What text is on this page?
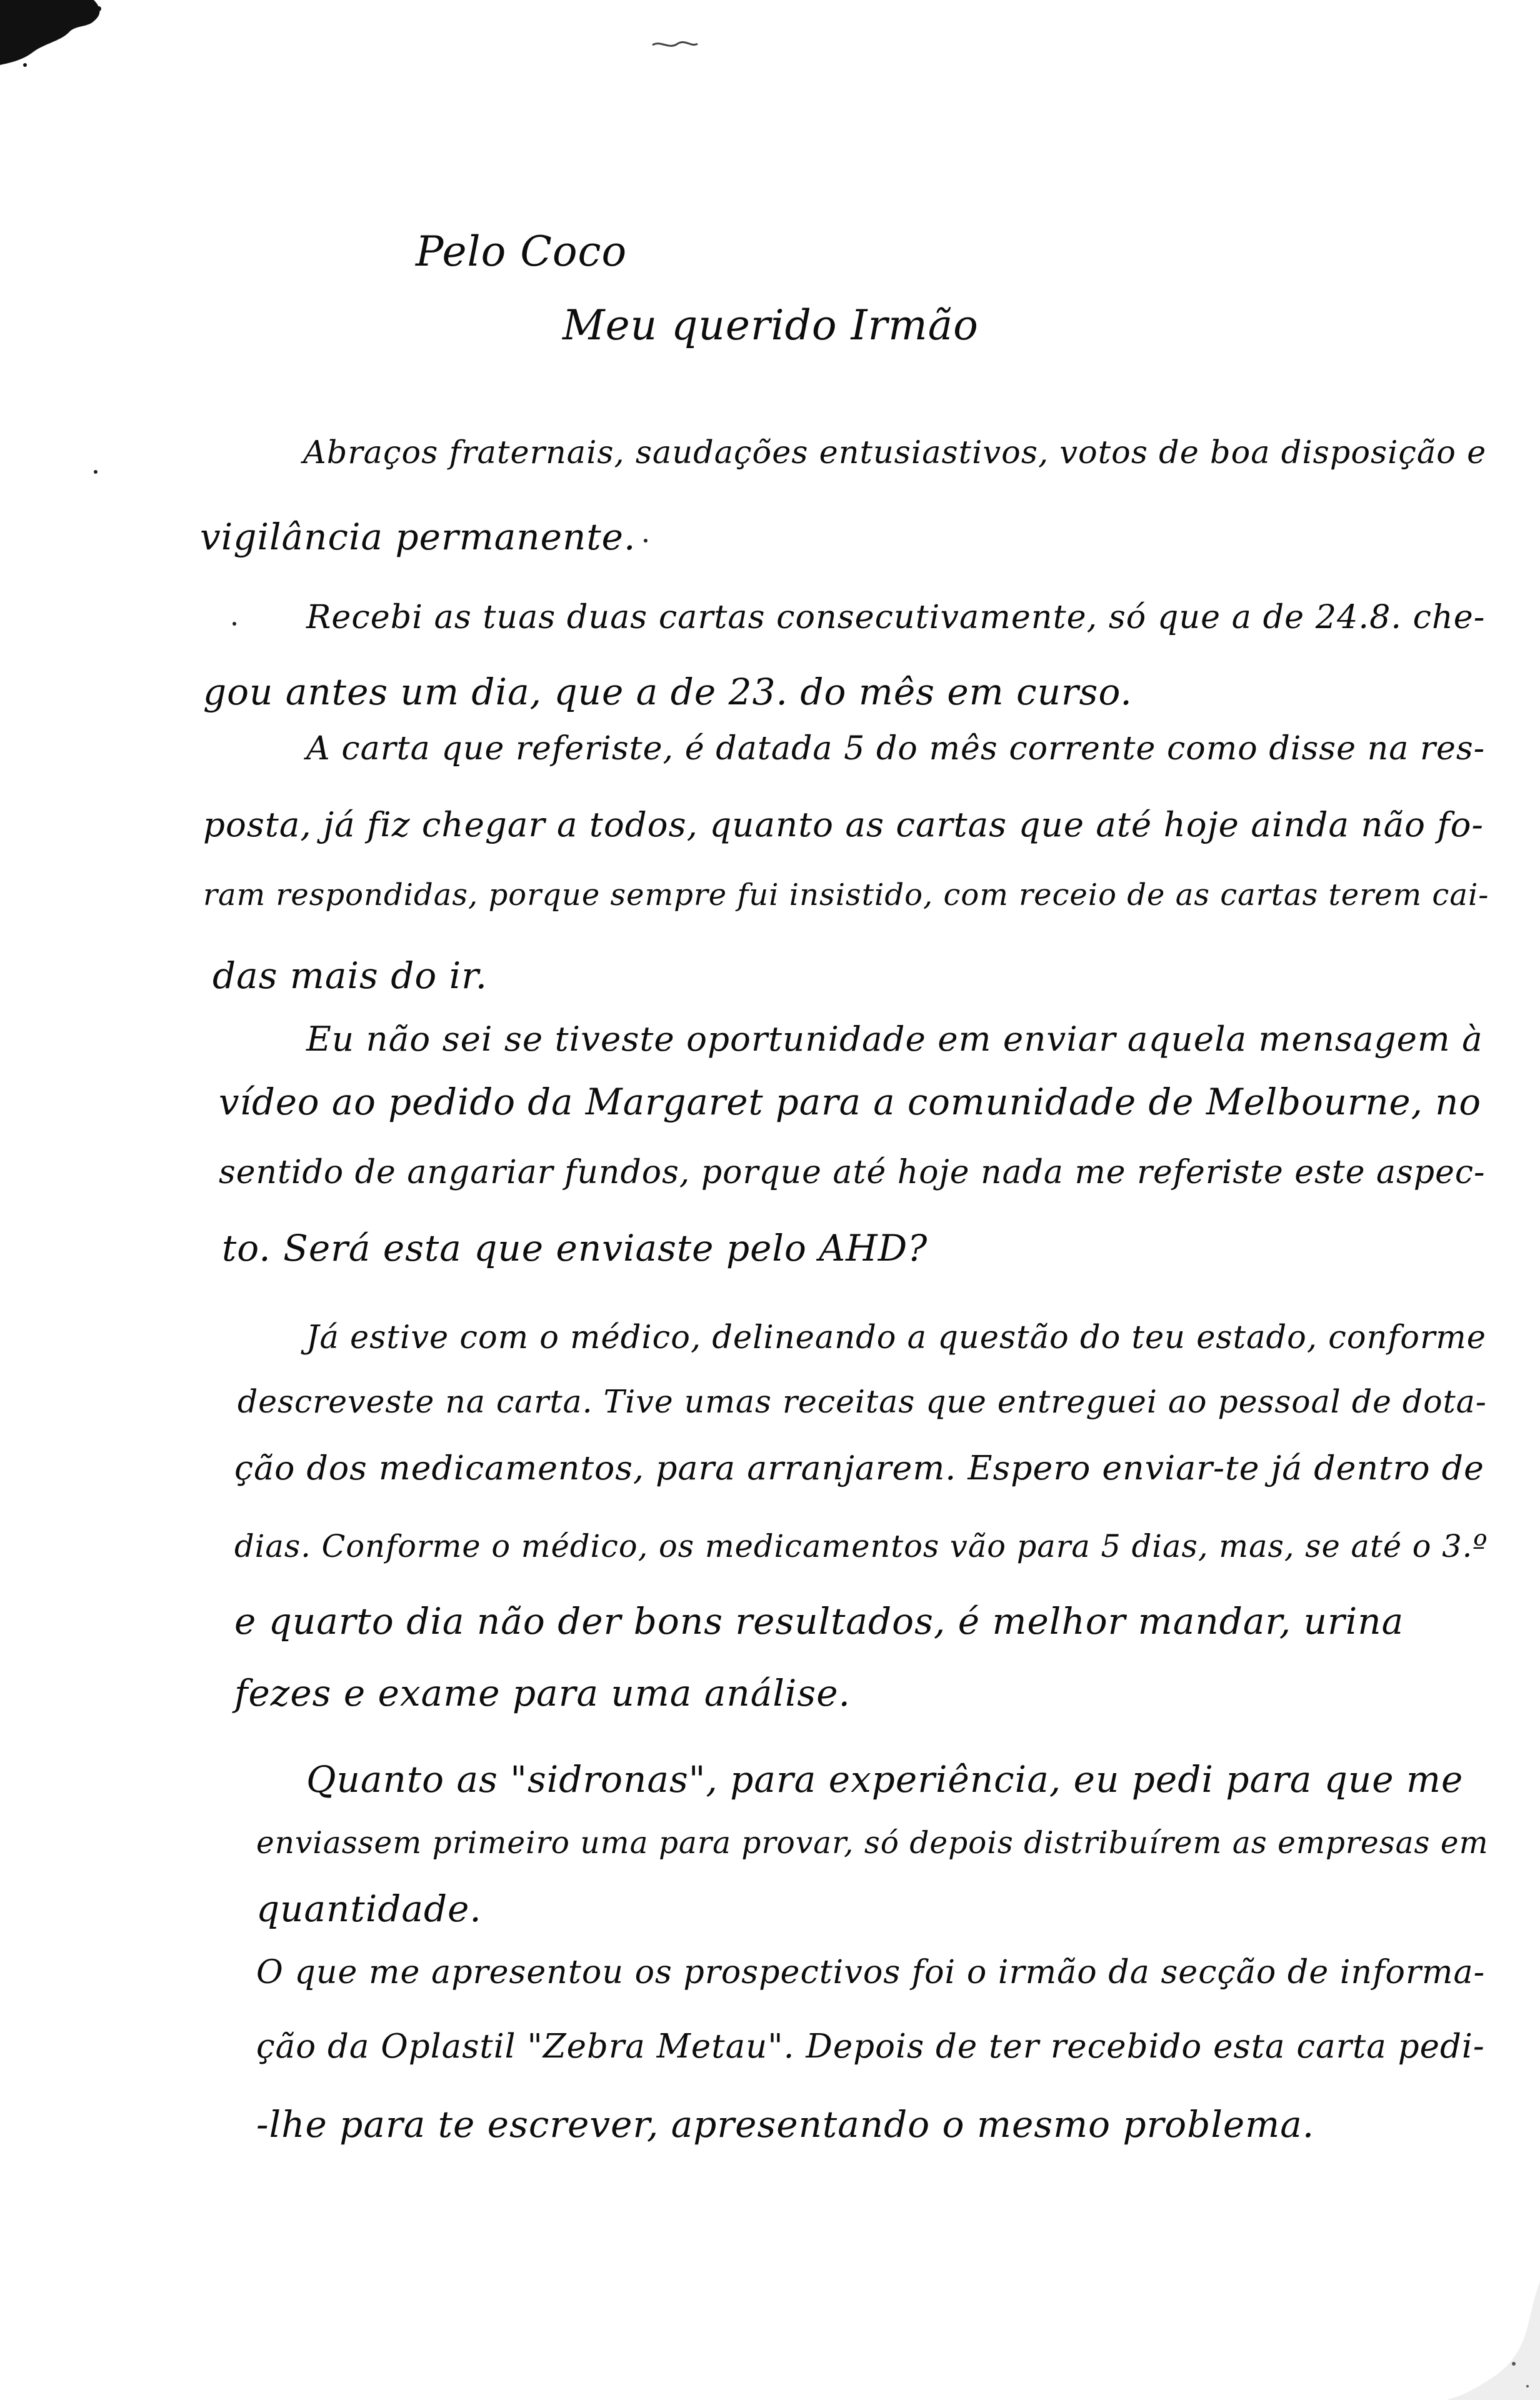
Pelo Coco
Meu querido Irmão
Abraços fraternais, saudações entusiastivos, votos de boa disposição e
vigilância permanente.
Recebi as tuas duas cartas consecutivamente, só que a de 24.8. che-
gou antes um dia, que a de 23. do mês em curso.
A carta que referiste, é datada 5 do mês corrente como disse na res-
posta, já fiz chegar a todos, quanto as cartas que até hoje ainda não fo-
ram respondidas, porque sempre fui insistido, com receio de as cartas terem cai-
das mais do ir.
Eu não sei se tiveste oportunidade em enviar aquela mensagem à
vídeo ao pedido da Margaret para a comunidade de Melbourne, no
sentido de angariar fundos, porque até hoje nada me referiste este aspec-
to. Será esta que enviaste pelo AHD?
Já estive com o médico, delineando a questão do teu estado, conforme
descreveste na carta. Tive umas receitas que entreguei ao pessoal de dota-
ção dos medicamentos, para arranjarem. Espero enviar-te já dentro de
dias. Conforme o médico, os medicamentos vão para 5 dias, mas, se até o 3.º
e quarto dia não der bons resultados, é melhor mandar, urina
fezes e exame para uma análise.
Quanto as "sidronas", para experiência, eu pedi para que me
enviassem primeiro uma para provar, só depois distribuírem as empresas em
quantidade.
O que me apresentou os prospectivos foi o irmão da secção de informa-
ção da Oplastil "Zebra Metau". Depois de ter recebido esta carta pedi-
-lhe para te escrever, apresentando o mesmo problema.
